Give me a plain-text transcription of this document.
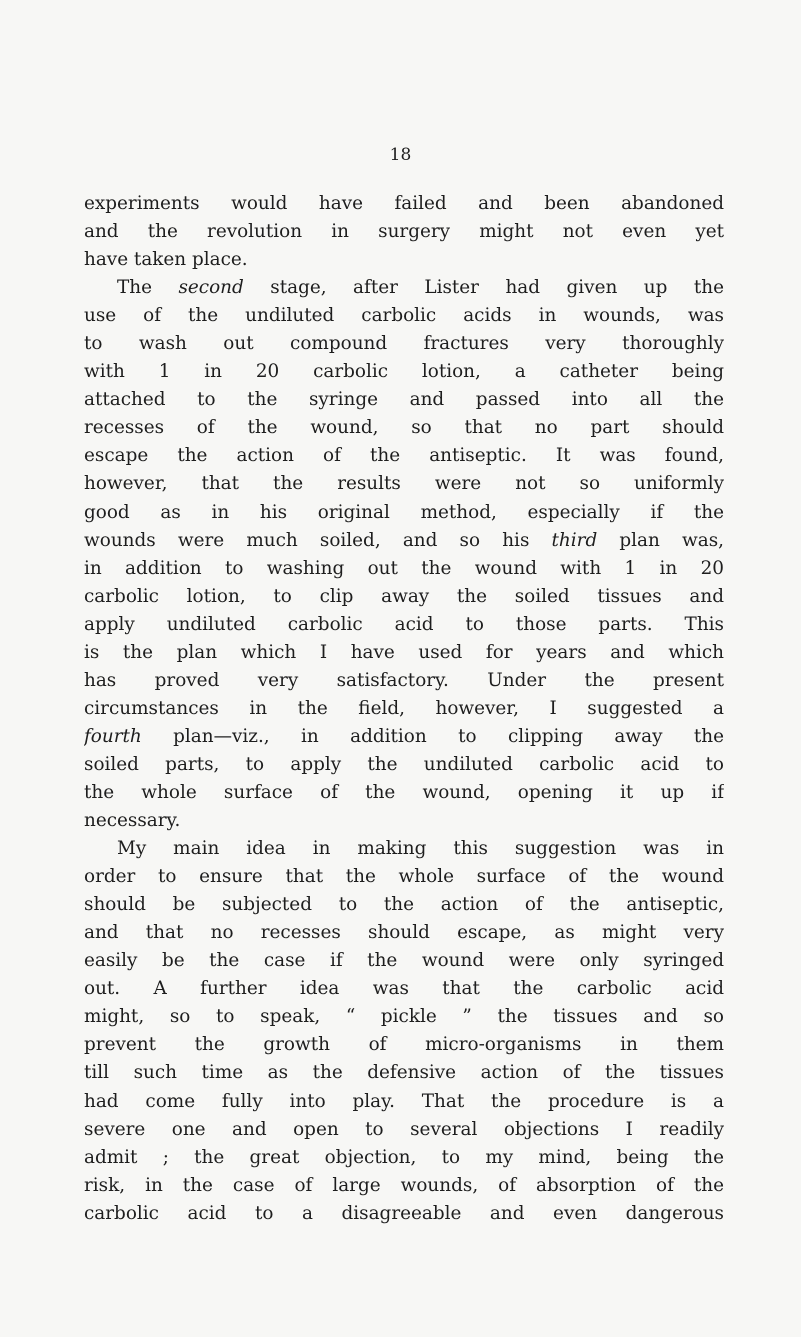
18
experiments would have failed and been abandoned
and the revolution in surgery might not even yet
have taken place.
The second stage, after Lister had given up the
use of the undiluted carbolic acids in wounds, was
to wash out compound fractures very thoroughly
with 1 in 20 carbolic lotion, a catheter being
attached to the syringe and passed into all the
recesses of the wound, so that no part should
escape the action of the antiseptic. It was found,
however, that the results were not so uniformly
good as in his original method, especially if the
wounds were much soiled, and so his third plan was,
in addition to washing out the wound with 1 in 20
carbolic lotion, to clip away the soiled tissues and
apply undiluted carbolic acid to those parts. This
is the plan which I have used for years and which
has proved very satisfactory. Under the present
circumstances in the field, however, I suggested a
fourth plan—viz., in addition to clipping away the
soiled parts, to apply the undiluted carbolic acid to
the whole surface of the wound, opening it up if
necessary.
My main idea in making this suggestion was in
order to ensure that the whole surface of the wound
should be subjected to the action of the antiseptic,
and that no recesses should escape, as might very
easily be the case if the wound were only syringed
out. A further idea was that the carbolic acid
might, so to speak, “ pickle ” the tissues and so
prevent the growth of micro-organisms in them
till such time as the defensive action of the tissues
had come fully into play. That the procedure is a
severe one and open to several objections I readily
admit ; the great objection, to my mind, being the
risk, in the case of large wounds, of absorption of the
carbolic acid to a disagreeable and even dangerous
